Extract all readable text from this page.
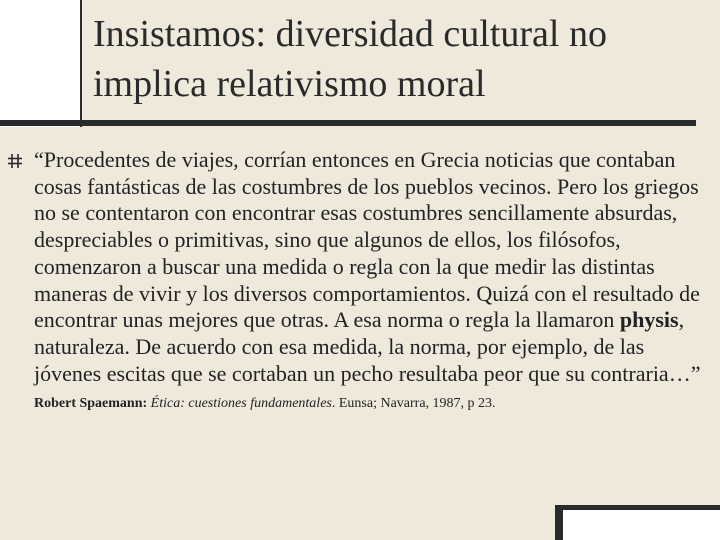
Insistamos: diversidad cultural no implica relativismo moral
“Procedentes de viajes, corrían entonces en Grecia noticias que contaban cosas fantásticas de las costumbres de los pueblos vecinos. Pero los griegos no se contentaron con encontrar esas costumbres sencillamente absurdas, despreciables o primitivas, sino que algunos de ellos, los filósofos, comenzaron a buscar una medida o regla con la que medir las distintas maneras de vivir y los diversos comportamientos. Quizá con el resultado de encontrar unas mejores que otras. A esa norma o regla la llamaron physis, naturaleza. De acuerdo con esa medida, la norma, por ejemplo, de las jóvenes escitas que se cortaban un pecho resultaba peor que su contraria…” Robert Spaemann: Ética: cuestiones fundamentales. Eunsa; Navarra, 1987, p 23.
